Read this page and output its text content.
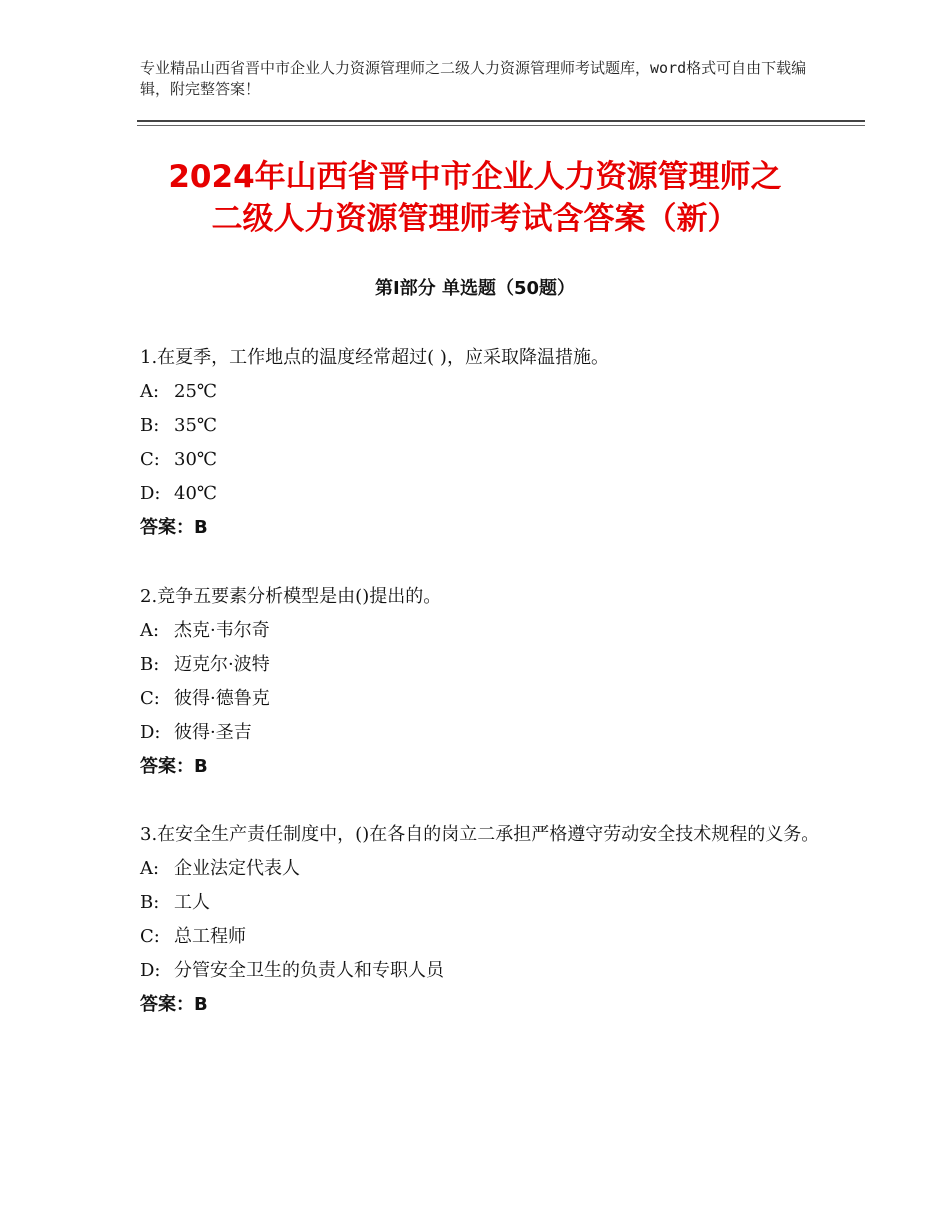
专业精品山西省晋中市企业人力资源管理师之二级人力资源管理师考试题库，word格式可自由下载编辑，附完整答案！

2024年山西省晋中市企业人力资源管理师之
二级人力资源管理师考试含答案（新）
第Ⅰ部分 单选题（50题）

1.在夏季，工作地点的温度经常超过( )，应采取降温措施。

A: 25℃

B: 35℃

C: 30℃

D: 40℃

答案：B

2.竞争五要素分析模型是由()提出的。

A: 杰克·韦尔奇

B: 迈克尔·波特

C: 彼得·德鲁克

D: 彼得·圣吉

答案：B

3.在安全生产责任制度中，()在各自的岗立二承担严格遵守劳动安全技术规程的义务。

A: 企业法定代表人

B: 工人

C: 总工程师

D: 分管安全卫生的负责人和专职人员

答案：B
